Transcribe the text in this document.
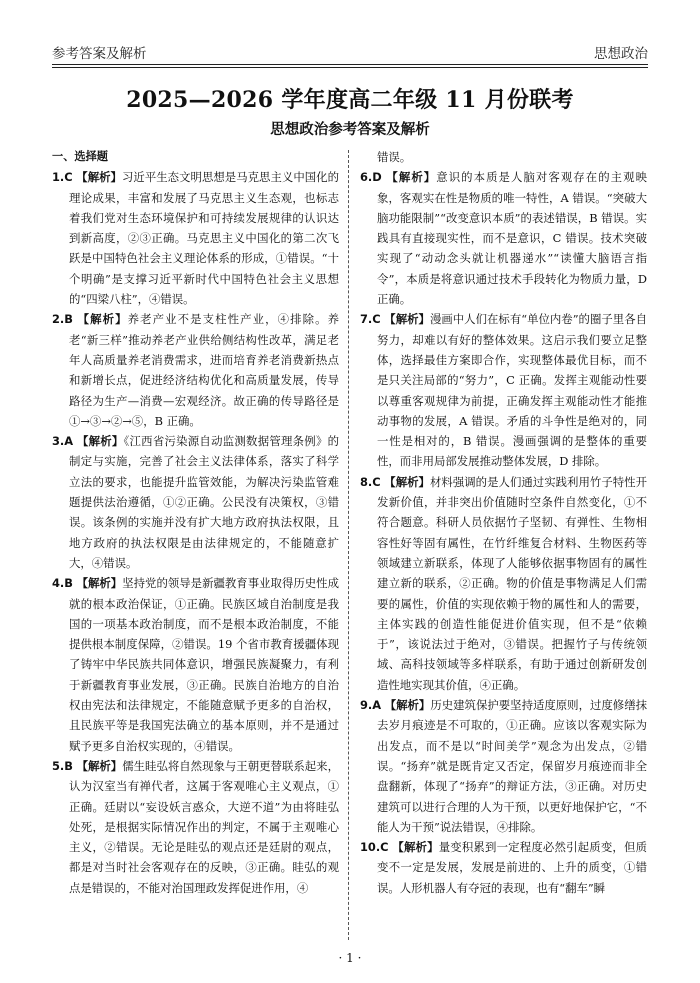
参考答案及解析	思想政治
2025—2026 学年度高二年级 11 月份联考
思想政治参考答案及解析
一、选择题

1.C 【解析】习近平生态文明思想是马克思主义中国化的理论成果，丰富和发展了马克思主义生态观，也标志着我们党对生态环境保护和可持续发展规律的认识达到新高度，②③正确。马克思主义中国化的第二次飞跃是中国特色社会主义理论体系的形成，①错误。“十个明确”是支撑习近平新时代中国特色社会主义思想的“四梁八柱”，④错误。

2.B 【解析】养老产业不是支柱性产业，④排除。养老“新三样”推动养老产业供给侧结构性改革，满足老年人高质量养老消费需求，进而培育养老消费新热点和新增长点，促进经济结构优化和高质量发展，传导路径为生产—消费—宏观经济。故正确的传导路径是①→③→②→⑤，B 正确。

3.A 【解析】《江西省污染源自动监测数据管理条例》的制定与实施，完善了社会主义法律体系，落实了科学立法的要求，也能提升监管效能，为解决污染监管难题提供法治遵循，①②正确。公民没有决策权，③错误。该条例的实施并没有扩大地方政府执法权限，且地方政府的执法权限是由法律规定的，不能随意扩大，④错误。

4.B 【解析】坚持党的领导是新疆教育事业取得历史性成就的根本政治保证，①正确。民族区域自治制度是我国的一项基本政治制度，而不是根本政治制度，不能提供根本制度保障，②错误。19 个省市教育援疆体现了铸牢中华民族共同体意识，增强民族凝聚力，有利于新疆教育事业发展，③正确。民族自治地方的自治权由宪法和法律规定，不能随意赋予更多的自治权，且民族平等是我国宪法确立的基本原则，并不是通过赋予更多自治权实现的，④错误。

5.B 【解析】儒生眭弘将自然现象与王朝更替联系起来，认为汉室当有禅代者，这属于客观唯心主义观点，①正确。廷尉以“妄设妖言惑众，大逆不道”为由将眭弘处死，是根据实际情况作出的判定，不属于主观唯心主义，②错误。无论是眭弘的观点还是廷尉的观点，都是对当时社会客观存在的反映，③正确。眭弘的观点是错误的，不能对治国理政发挥促进作用，④

错误。

6.D 【解析】意识的本质是人脑对客观存在的主观映象，客观实在性是物质的唯一特性，A 错误。“突破大脑功能限制”“改变意识本质”的表述错误，B 错误。实践具有直接现实性，而不是意识，C 错误。技术突破实现了“动动念头就让机器递水”“读懂大脑语言指令”，本质是将意识通过技术手段转化为物质力量，D 正确。

7.C 【解析】漫画中人们在标有“单位内卷”的圈子里各自努力，却难以有好的整体效果。这启示我们要立足整体，选择最佳方案即合作，实现整体最优目标，而不是只关注局部的“努力”，C 正确。发挥主观能动性要以尊重客观规律为前提，正确发挥主观能动性才能推动事物的发展，A 错误。矛盾的斗争性是绝对的，同一性是相对的，B 错误。漫画强调的是整体的重要性，而非用局部发展推动整体发展，D 排除。

8.C 【解析】材料强调的是人们通过实践利用竹子特性开发新价值，并非突出价值随时空条件自然变化，①不符合题意。科研人员依据竹子坚韧、有弹性、生物相容性好等固有属性，在竹纤维复合材料、生物医药等领域建立新联系，体现了人能够依据事物固有的属性建立新的联系，②正确。物的价值是事物满足人们需要的属性，价值的实现依赖于物的属性和人的需要，主体实践的创造性能促进价值实现，但不是“依赖于”，该说法过于绝对，③错误。把握竹子与传统领域、高科技领域等多样联系，有助于通过创新研发创造性地实现其价值，④正确。

9.A 【解析】历史建筑保护要坚持适度原则，过度修缮抹去岁月痕迹是不可取的，①正确。应该以客观实际为出发点，而不是以“时间美学”观念为出发点，②错误。“扬弃”就是既肯定又否定，保留岁月痕迹而非全盘翻新，体现了“扬弃”的辩证方法，③正确。对历史建筑可以进行合理的人为干预，以更好地保护它，“不能人为干预”说法错误，④排除。

10.C 【解析】量变积累到一定程度必然引起质变，但质变不一定是发展，发展是前进的、上升的质变，①错误。人形机器人有夺冠的表现，也有“翻车”瞬

· 1 ·
